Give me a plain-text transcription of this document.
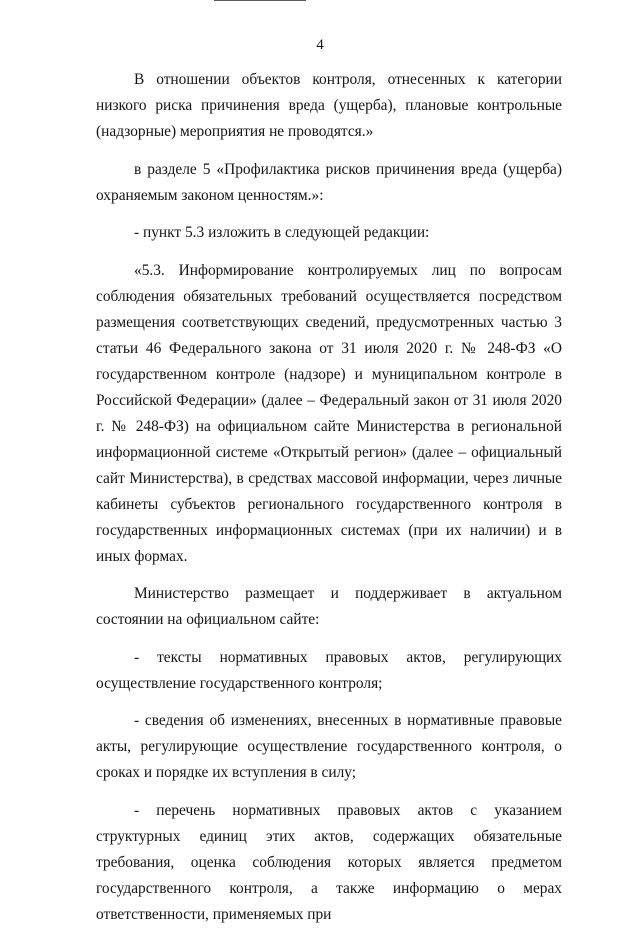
4

В отношении объектов контроля, отнесенных к категории низкого риска причинения вреда (ущерба), плановые контрольные (надзорные) мероприятия не проводятся.»

в разделе 5 «Профилактика рисков причинения вреда (ущерба) охраняемым законом ценностям.»:

- пункт 5.3 изложить в следующей редакции:

«5.3. Информирование контролируемых лиц по вопросам соблюдения обязательных требований осуществляется посредством размещения соответствующих сведений, предусмотренных частью 3 статьи 46 Федерального закона от 31 июля 2020 г. № 248-ФЗ «О государственном контроле (надзоре) и муниципальном контроле в Российской Федерации» (далее – Федеральный закон от 31 июля 2020 г. № 248-ФЗ) на официальном сайте Министерства в региональной информационной системе «Открытый регион» (далее – официальный сайт Министерства), в средствах массовой информации, через личные кабинеты субъектов регионального государственного контроля в государственных информационных системах (при их наличии) и в иных формах.

Министерство размещает и поддерживает в актуальном состоянии на официальном сайте:

- тексты нормативных правовых актов, регулирующих осуществление государственного контроля;

- сведения об изменениях, внесенных в нормативные правовые акты, регулирующие осуществление государственного контроля, о сроках и порядке их вступления в силу;

- перечень нормативных правовых актов с указанием структурных единиц этих актов, содержащих обязательные требования, оценка соблюдения которых является предметом государственного контроля, а также информацию о мерах ответственности, применяемых при
